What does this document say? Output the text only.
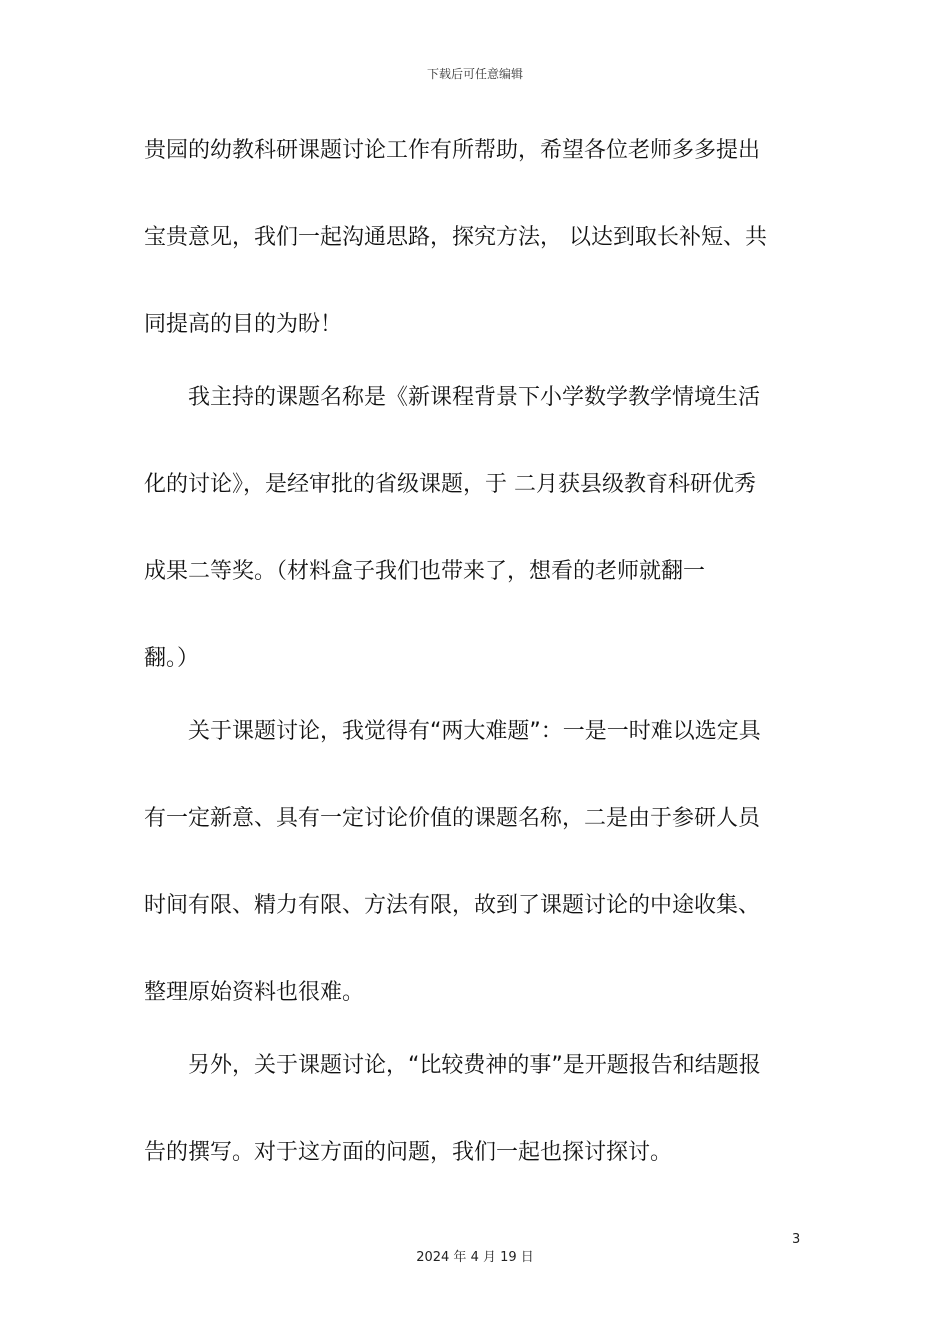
下载后可任意编辑
贵园的幼教科研课题讨论工作有所帮助，希望各位老师多多提出
宝贵意见，我们一起沟通思路，探究方法， 以达到取长补短、共
同提高的目的为盼！
　　我主持的课题名称是《新课程背景下小学数学教学情境生活
化的讨论》，是经审批的省级课题，于 二月获县级教育科研优秀
成果二等奖。（材料盒子我们也带来了，想看的老师就翻一
翻。）
　　关于课题讨论，我觉得有“两大难题”：一是一时难以选定具
有一定新意、具有一定讨论价值的课题名称，二是由于参研人员
时间有限、精力有限、方法有限，故到了课题讨论的中途收集、
整理原始资料也很难。
　　另外，关于课题讨论，“比较费神的事”是开题报告和结题报
告的撰写。对于这方面的问题，我们一起也探讨探讨。
3
2024 年 4 月 19 日
